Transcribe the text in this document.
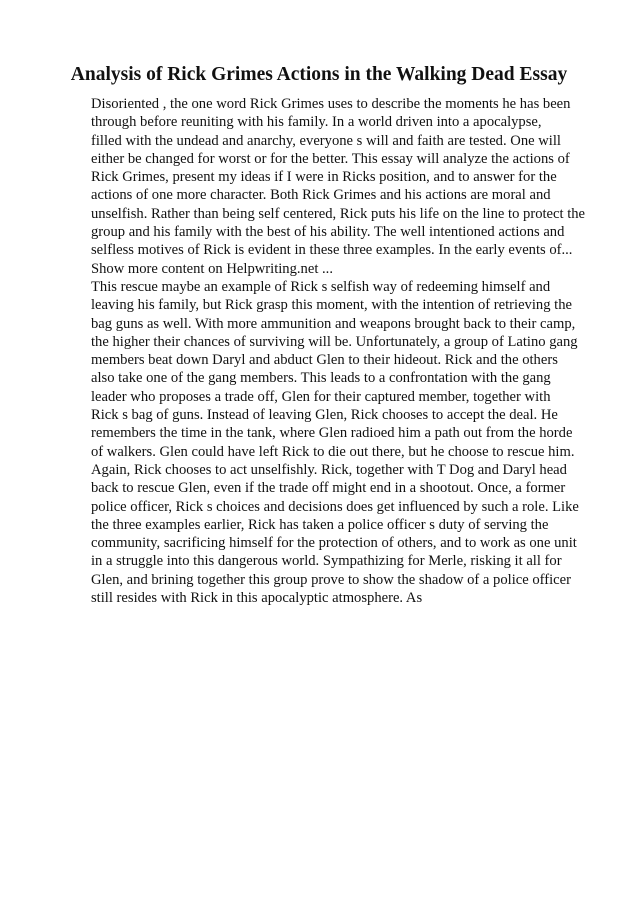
Analysis of Rick Grimes Actions in the Walking Dead Essay
Disoriented , the one word Rick Grimes uses to describe the moments he has been
through before reuniting with his family. In a world driven into a apocalypse,
filled with the undead and anarchy, everyone s will and faith are tested. One will
either be changed for worst or for the better. This essay will analyze the actions of
Rick Grimes, present my ideas if I were in Ricks position, and to answer for the
actions of one more character. Both Rick Grimes and his actions are moral and
unselfish. Rather than being self centered, Rick puts his life on the line to protect the
group and his family with the best of his ability. The well intentioned actions and
selfless motives of Rick is evident in these three examples. In the early events of...
Show more content on Helpwriting.net ...
This rescue maybe an example of Rick s selfish way of redeeming himself and
leaving his family, but Rick grasp this moment, with the intention of retrieving the
bag guns as well. With more ammunition and weapons brought back to their camp,
the higher their chances of surviving will be. Unfortunately, a group of Latino gang
members beat down Daryl and abduct Glen to their hideout. Rick and the others
also take one of the gang members. This leads to a confrontation with the gang
leader who proposes a trade off, Glen for their captured member, together with
Rick s bag of guns. Instead of leaving Glen, Rick chooses to accept the deal. He
remembers the time in the tank, where Glen radioed him a path out from the horde
of walkers. Glen could have left Rick to die out there, but he choose to rescue him.
Again, Rick chooses to act unselfishly. Rick, together with T Dog and Daryl head
back to rescue Glen, even if the trade off might end in a shootout. Once, a former
police officer, Rick s choices and decisions does get influenced by such a role. Like
the three examples earlier, Rick has taken a police officer s duty of serving the
community, sacrificing himself for the protection of others, and to work as one unit
in a struggle into this dangerous world. Sympathizing for Merle, risking it all for
Glen, and brining together this group prove to show the shadow of a police officer
still resides with Rick in this apocalyptic atmosphere. As
